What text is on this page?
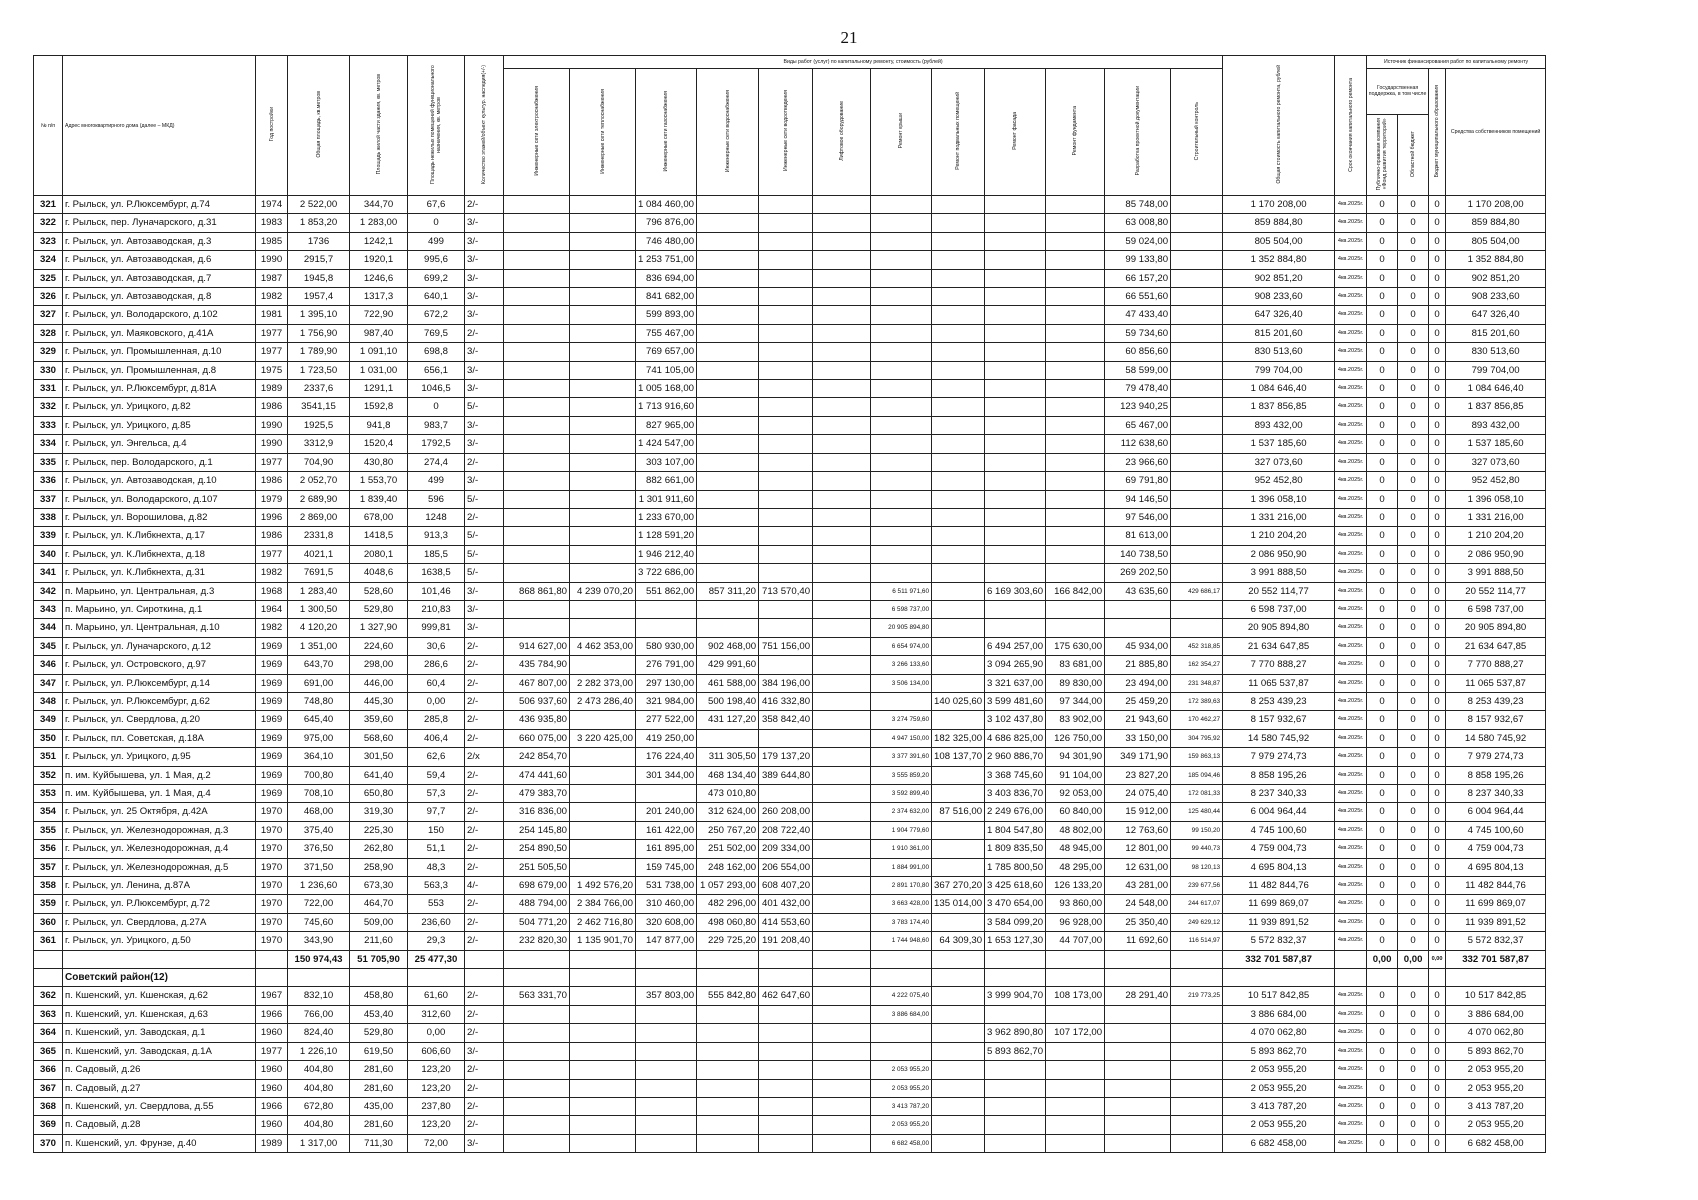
21
№ п/п	Адрес многоквартирного дома (далее – МКД)	Год постройки	Общая площадь, кв.метров	Площадь жилой части здания, кв. метров	Площадь нежилых помещений функционального назначения, кв. метров	Количество этажей/объект культур. наследия(+/-)	Виды работ (услуг) по капитальному ремонту, стоимость (рублей)												Общая стоимость капитального ремонта, рублей	Срок окончания капитального ремонта	Источник финансирования работ по капитальному ремонту			
							Инженерные сети электроснабжения	Инженерные сети теплоснабжения	Инженерные сети газоснабжения	Инженерные сети водоснабжения	Инженерные сети водоотведения	Лифтовое оборудование	Ремонт крыши	Ремонт подвальных помещений	Ремонт фасада	Ремонт фундамента	Разработка проектной документации	Строительный контроль			Государственная поддержка, в том числе		Бюджет муниципального образования	Средства собственников помещений
																					Публично-правовая компания «Фонд развития территорий»	Областной бюджет		
321	г. Рыльск, ул. Р.Люксембург, д.74	1974	2 522,00	344,70	67,6	2/-			1 084 460,00								85 748,00		1 170 208,00	4кв.2025г.	0	0	0	1 170 208,00
322	г. Рыльск, пер. Луначарского, д.31	1983	1 853,20	1 283,00	0	3/-			796 876,00								63 008,80		859 884,80	4кв.2025г.	0	0	0	859 884,80
323	г. Рыльск, ул. Автозаводская, д.3	1985	1736	1242,1	499	3/-			746 480,00								59 024,00		805 504,00	4кв.2025г.	0	0	0	805 504,00
324	г. Рыльск, ул. Автозаводская, д.6	1990	2915,7	1920,1	995,6	3/-			1 253 751,00								99 133,80		1 352 884,80	4кв.2025г.	0	0	0	1 352 884,80
325	г. Рыльск, ул. Автозаводская, д.7	1987	1945,8	1246,6	699,2	3/-			836 694,00								66 157,20		902 851,20	4кв.2025г.	0	0	0	902 851,20
326	г. Рыльск, ул. Автозаводская, д.8	1982	1957,4	1317,3	640,1	3/-			841 682,00								66 551,60		908 233,60	4кв.2025г.	0	0	0	908 233,60
327	г. Рыльск, ул. Володарского, д.102	1981	1 395,10	722,90	672,2	3/-			599 893,00								47 433,40		647 326,40	4кв.2025г.	0	0	0	647 326,40
328	г. Рыльск, ул. Маяковского, д.41А	1977	1 756,90	987,40	769,5	2/-			755 467,00								59 734,60		815 201,60	4кв.2025г.	0	0	0	815 201,60
329	г. Рыльск, ул. Промышленная, д.10	1977	1 789,90	1 091,10	698,8	3/-			769 657,00								60 856,60		830 513,60	4кв.2025г.	0	0	0	830 513,60
330	г. Рыльск, ул. Промышленная, д.8	1975	1 723,50	1 031,00	656,1	3/-			741 105,00								58 599,00		799 704,00	4кв.2025г.	0	0	0	799 704,00
331	г. Рыльск, ул. Р.Люксембург, д.81А	1989	2337,6	1291,1	1046,5	3/-			1 005 168,00								79 478,40		1 084 646,40	4кв.2025г.	0	0	0	1 084 646,40
332	г. Рыльск, ул. Урицкого, д.82	1986	3541,15	1592,8	0	5/-			1 713 916,60								123 940,25		1 837 856,85	4кв.2025г.	0	0	0	1 837 856,85
333	г. Рыльск, ул. Урицкого, д.85	1990	1925,5	941,8	983,7	3/-			827 965,00								65 467,00		893 432,00	4кв.2025г.	0	0	0	893 432,00
334	г. Рыльск, ул. Энгельса, д.4	1990	3312,9	1520,4	1792,5	3/-			1 424 547,00								112 638,60		1 537 185,60	4кв.2025г.	0	0	0	1 537 185,60
335	г. Рыльск, пер. Володарского, д.1	1977	704,90	430,80	274,4	2/-			303 107,00								23 966,60		327 073,60	4кв.2025г.	0	0	0	327 073,60
336	г. Рыльск, ул. Автозаводская, д.10	1986	2 052,70	1 553,70	499	3/-			882 661,00								69 791,80		952 452,80	4кв.2025г.	0	0	0	952 452,80
337	г. Рыльск, ул. Володарского, д.107	1979	2 689,90	1 839,40	596	5/-			1 301 911,60								94 146,50		1 396 058,10	4кв.2025г.	0	0	0	1 396 058,10
338	г. Рыльск, ул. Ворошилова, д.82	1996	2 869,00	678,00	1248	2/-			1 233 670,00								97 546,00		1 331 216,00	4кв.2025г.	0	0	0	1 331 216,00
339	г. Рыльск, ул. К.Либкнехта, д.17	1986	2331,8	1418,5	913,3	5/-			1 128 591,20								81 613,00		1 210 204,20	4кв.2025г.	0	0	0	1 210 204,20
340	г. Рыльск, ул. К.Либкнехта, д.18	1977	4021,1	2080,1	185,5	5/-			1 946 212,40								140 738,50		2 086 950,90	4кв.2025г.	0	0	0	2 086 950,90
341	г. Рыльск, ул. К.Либкнехта, д.31	1982	7691,5	4048,6	1638,5	5/-			3 722 686,00								269 202,50		3 991 888,50	4кв.2025г.	0	0	0	3 991 888,50
342	п. Марьино, ул. Центральная, д.3	1968	1 283,40	528,60	101,46	3/-	868 861,80	4 239 070,20	551 862,00	857 311,20	713 570,40		6 511 971,60		6 169 303,60	166 842,00	43 635,60	429 686,17	20 552 114,77	4кв.2025г.	0	0	0	20 552 114,77
343	п. Марьино, ул. Сироткина, д.1	1964	1 300,50	529,80	210,83	3/-							6 598 737,00						6 598 737,00	4кв.2025г.	0	0	0	6 598 737,00
344	п. Марьино, ул. Центральная, д.10	1982	4 120,20	1 327,90	999,81	3/-							20 905 894,80						20 905 894,80	4кв.2025г.	0	0	0	20 905 894,80
345	г. Рыльск, ул. Луначарского, д.12	1969	1 351,00	224,60	30,6	2/-	914 627,00	4 462 353,00	580 930,00	902 468,00	751 156,00		6 654 974,00		6 494 257,00	175 630,00	45 934,00	452 318,85	21 634 647,85	4кв.2025г.	0	0	0	21 634 647,85
346	г. Рыльск, ул. Островского, д.97	1969	643,70	298,00	286,6	2/-	435 784,90		276 791,00	429 991,60			3 266 133,60		3 094 265,90	83 681,00	21 885,80	162 354,27	7 770 888,27	4кв.2025г.	0	0	0	7 770 888,27
347	г. Рыльск, ул. Р.Люксембург, д.14	1969	691,00	446,00	60,4	2/-	467 807,00	2 282 373,00	297 130,00	461 588,00	384 196,00		3 506 134,00		3 321 637,00	89 830,00	23 494,00	231 348,87	11 065 537,87	4кв.2025г.	0	0	0	11 065 537,87
348	г. Рыльск, ул. Р.Люксембург, д.62	1969	748,80	445,30	0,00	2/-	506 937,60	2 473 286,40	321 984,00	500 198,40	416 332,80			140 025,60	3 599 481,60	97 344,00	25 459,20	172 389,63	8 253 439,23	4кв.2025г.	0	0	0	8 253 439,23
349	г. Рыльск, ул. Свердлова, д.20	1969	645,40	359,60	285,8	2/-	436 935,80		277 522,00	431 127,20	358 842,40		3 274 759,60		3 102 437,80	83 902,00	21 943,60	170 462,27	8 157 932,67	4кв.2025г.	0	0	0	8 157 932,67
350	г. Рыльск, пл. Советская, д.18А	1969	975,00	568,60	406,4	2/-	660 075,00	3 220 425,00	419 250,00				4 947 150,00	182 325,00	4 686 825,00	126 750,00	33 150,00	304 795,92	14 580 745,92	4кв.2025г.	0	0	0	14 580 745,92
351	г. Рыльск, ул. Урицкого, д.95	1969	364,10	301,50	62,6	2/х	242 854,70		176 224,40	311 305,50	179 137,20		3 377 391,60	108 137,70	2 960 886,70	94 301,90	349 171,90	159 863,13	7 979 274,73	4кв.2025г.	0	0	0	7 979 274,73
352	п. им. Куйбышева, ул. 1 Мая, д.2	1969	700,80	641,40	59,4	2/-	474 441,60		301 344,00	468 134,40	389 644,80		3 555 859,20		3 368 745,60	91 104,00	23 827,20	185 094,46	8 858 195,26	4кв.2025г.	0	0	0	8 858 195,26
353	п. им. Куйбышева, ул. 1 Мая, д.4	1969	708,10	650,80	57,3	2/-	479 383,70			473 010,80			3 592 899,40		3 403 836,70	92 053,00	24 075,40	172 081,33	8 237 340,33	4кв.2025г.	0	0	0	8 237 340,33
354	г. Рыльск, ул. 25 Октября, д.42А	1970	468,00	319,30	97,7	2/-	316 836,00		201 240,00	312 624,00	260 208,00		2 374 632,00	87 516,00	2 249 676,00	60 840,00	15 912,00	125 480,44	6 004 964,44	4кв.2025г.	0	0	0	6 004 964,44
355	г. Рыльск, ул. Железнодорожная, д.3	1970	375,40	225,30	150	2/-	254 145,80		161 422,00	250 767,20	208 722,40		1 904 779,60		1 804 547,80	48 802,00	12 763,60	99 150,20	4 745 100,60	4кв.2025г.	0	0	0	4 745 100,60
356	г. Рыльск, ул. Железнодорожная, д.4	1970	376,50	262,80	51,1	2/-	254 890,50		161 895,00	251 502,00	209 334,00		1 910 361,00		1 809 835,50	48 945,00	12 801,00	99 440,73	4 759 004,73	4кв.2025г.	0	0	0	4 759 004,73
357	г. Рыльск, ул. Железнодорожная, д.5	1970	371,50	258,90	48,3	2/-	251 505,50		159 745,00	248 162,00	206 554,00		1 884 991,00		1 785 800,50	48 295,00	12 631,00	98 120,13	4 695 804,13	4кв.2025г.	0	0	0	4 695 804,13
358	г. Рыльск, ул. Ленина, д.87А	1970	1 236,60	673,30	563,3	4/-	698 679,00	1 492 576,20	531 738,00	1 057 293,00	608 407,20		2 891 170,80	367 270,20	3 425 618,60	126 133,20	43 281,00	239 677,56	11 482 844,76	4кв.2025г.	0	0	0	11 482 844,76
359	г. Рыльск, ул. Р.Люксембург, д.72	1970	722,00	464,70	553	2/-	488 794,00	2 384 766,00	310 460,00	482 296,00	401 432,00		3 663 428,00	135 014,00	3 470 654,00	93 860,00	24 548,00	244 617,07	11 699 869,07	4кв.2025г.	0	0	0	11 699 869,07
360	г. Рыльск, ул. Свердлова, д.27А	1970	745,60	509,00	236,60	2/-	504 771,20	2 462 716,80	320 608,00	498 060,80	414 553,60		3 783 174,40		3 584 099,20	96 928,00	25 350,40	249 629,12	11 939 891,52	4кв.2025г.	0	0	0	11 939 891,52
361	г. Рыльск, ул. Урицкого, д.50	1970	343,90	211,60	29,3	2/-	232 820,30	1 135 901,70	147 877,00	229 725,20	191 208,40		1 744 948,60	64 309,30	1 653 127,30	44 707,00	11 692,60	116 514,97	5 572 832,37	4кв.2025г.	0	0	0	5 572 832,37
			150 974,43	51 705,90	25 477,30														332 701 587,87		0,00	0,00	0,00	332 701 587,87
	Советский район(12)																							
362	п. Кшенский, ул. Кшенская, д.62	1967	832,10	458,80	61,60	2/-	563 331,70		357 803,00	555 842,80	462 647,60		4 222 075,40		3 999 904,70	108 173,00	28 291,40	219 773,25	10 517 842,85	4кв.2025г.	0	0	0	10 517 842,85
363	п. Кшенский, ул. Кшенская, д.63	1966	766,00	453,40	312,60	2/-							3 886 684,00						3 886 684,00	4кв.2025г.	0	0	0	3 886 684,00
364	п. Кшенский, ул. Заводская, д.1	1960	824,40	529,80	0,00	2/-									3 962 890,80	107 172,00			4 070 062,80	4кв.2025г.	0	0	0	4 070 062,80
365	п. Кшенский, ул. Заводская, д.1А	1977	1 226,10	619,50	606,60	3/-									5 893 862,70				5 893 862,70	4кв.2025г.	0	0	0	5 893 862,70
366	п. Садовый, д.26	1960	404,80	281,60	123,20	2/-							2 053 955,20						2 053 955,20	4кв.2025г.	0	0	0	2 053 955,20
367	п. Садовый, д.27	1960	404,80	281,60	123,20	2/-							2 053 955,20						2 053 955,20	4кв.2025г.	0	0	0	2 053 955,20
368	п. Кшенский, ул. Свердлова, д.55	1966	672,80	435,00	237,80	2/-							3 413 787,20						3 413 787,20	4кв.2025г.	0	0	0	3 413 787,20
369	п. Садовый, д.28	1960	404,80	281,60	123,20	2/-							2 053 955,20						2 053 955,20	4кв.2025г.	0	0	0	2 053 955,20
370	п. Кшенский, ул. Фрунзе, д.40	1989	1 317,00	711,30	72,00	3/-							6 682 458,00						6 682 458,00	4кв.2025г.	0	0	0	6 682 458,00
